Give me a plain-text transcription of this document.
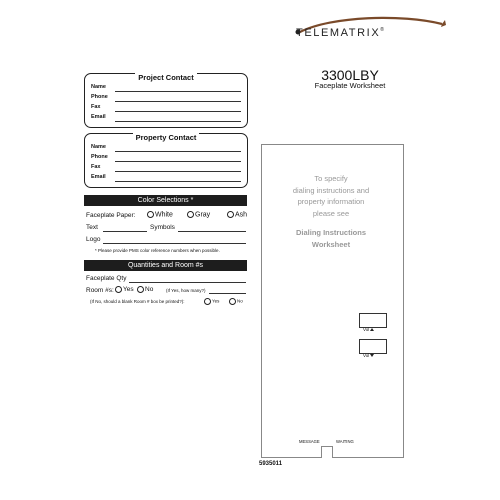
TELEMATRIX®
3300LBY
Faceplate Worksheet
Project Contact
Name
Phone
Fax
Email
Property Contact
Name
Phone
Fax
Email
Color Selections *
Faceplate Paper:	White	Gray	Ash
Text	Symbols
Logo
* Please provide PMS color reference numbers when possible.
Quantities and Room #s
Faceplate Qty
Room #s:	Yes	No	(If Yes, how many?)
(If No, should a blank Room # box be printed?):	Yes	No
To specify
dialing instructions and
property information
please see
Dialing Instructions
Worksheet
Vol
Vol
MESSAGE	WAITING
5935011
